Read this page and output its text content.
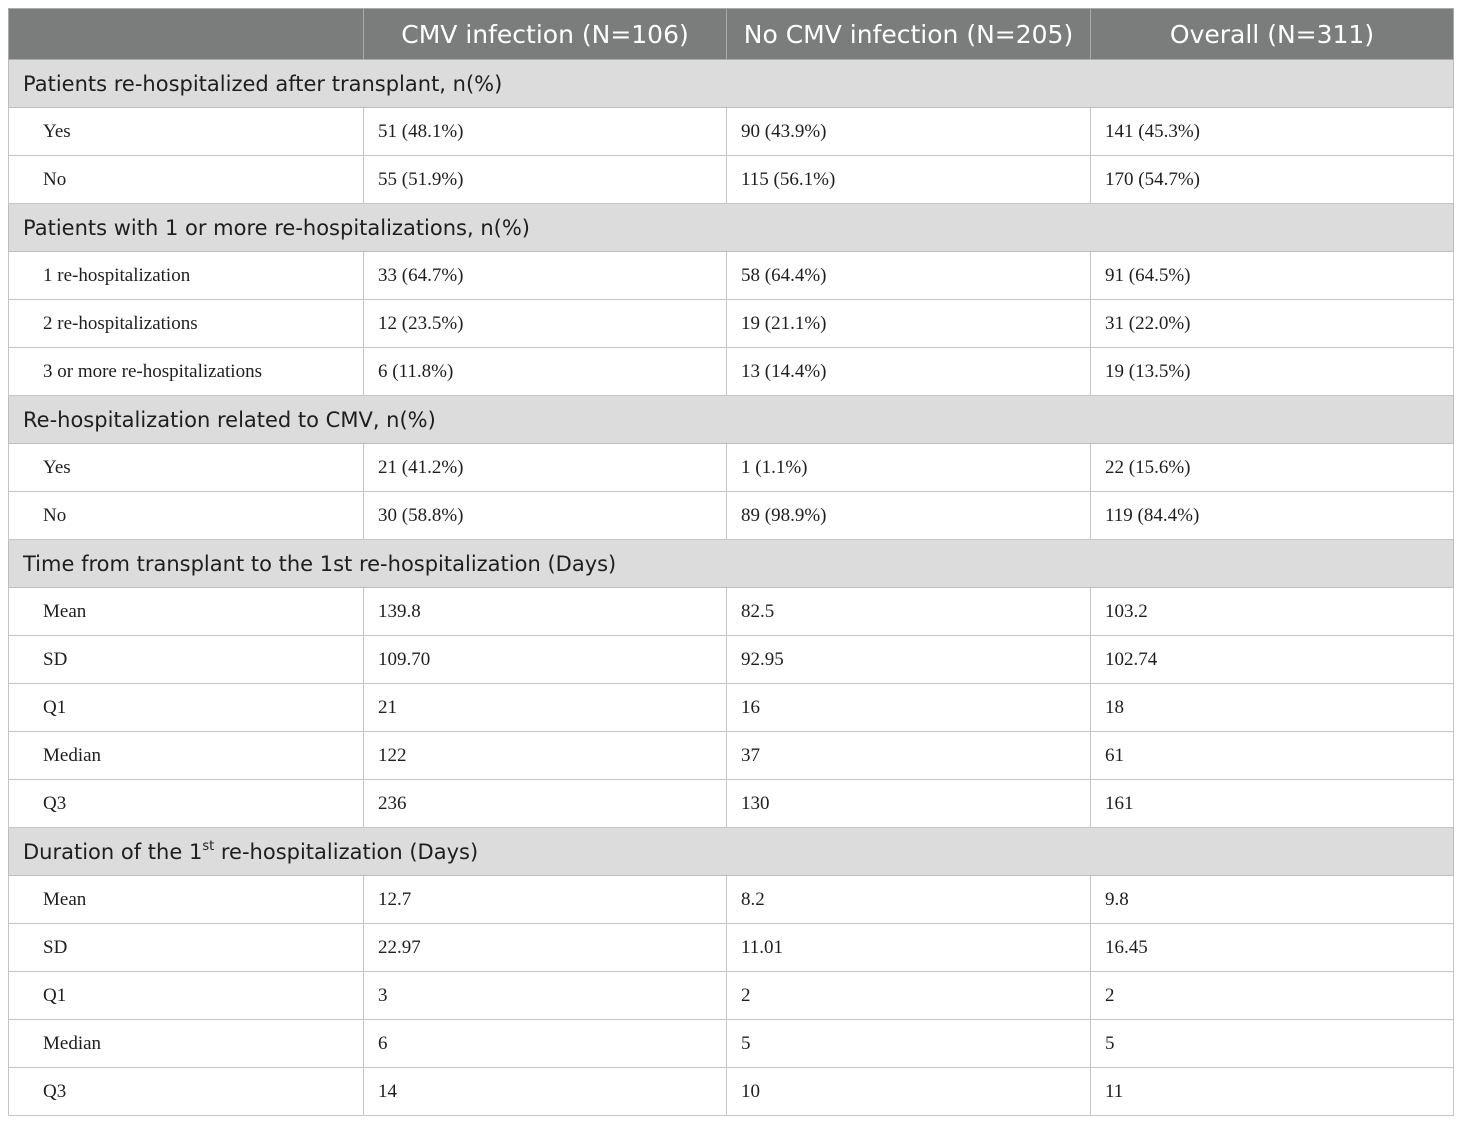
	CMV infection (N=106)	No CMV infection (N=205)	Overall (N=311)
Patients re-hospitalized after transplant, n(%)			
Yes	51 (48.1%)	90 (43.9%)	141 (45.3%)
No	55 (51.9%)	115 (56.1%)	170 (54.7%)
Patients with 1 or more re-hospitalizations, n(%)			
1 re-hospitalization	33 (64.7%)	58 (64.4%)	91 (64.5%)
2 re-hospitalizations	12 (23.5%)	19 (21.1%)	31 (22.0%)
3 or more re-hospitalizations	6 (11.8%)	13 (14.4%)	19 (13.5%)
Re-hospitalization related to CMV, n(%)			
Yes	21 (41.2%)	1 (1.1%)	22 (15.6%)
No	30 (58.8%)	89 (98.9%)	119 (84.4%)
Time from transplant to the 1st re-hospitalization (Days)			
Mean	139.8	82.5	103.2
SD	109.70	92.95	102.74
Q1	21	16	18
Median	122	37	61
Q3	236	130	161
Duration of the 1st re-hospitalization (Days)			
Mean	12.7	8.2	9.8
SD	22.97	11.01	16.45
Q1	3	2	2
Median	6	5	5
Q3	14	10	11
